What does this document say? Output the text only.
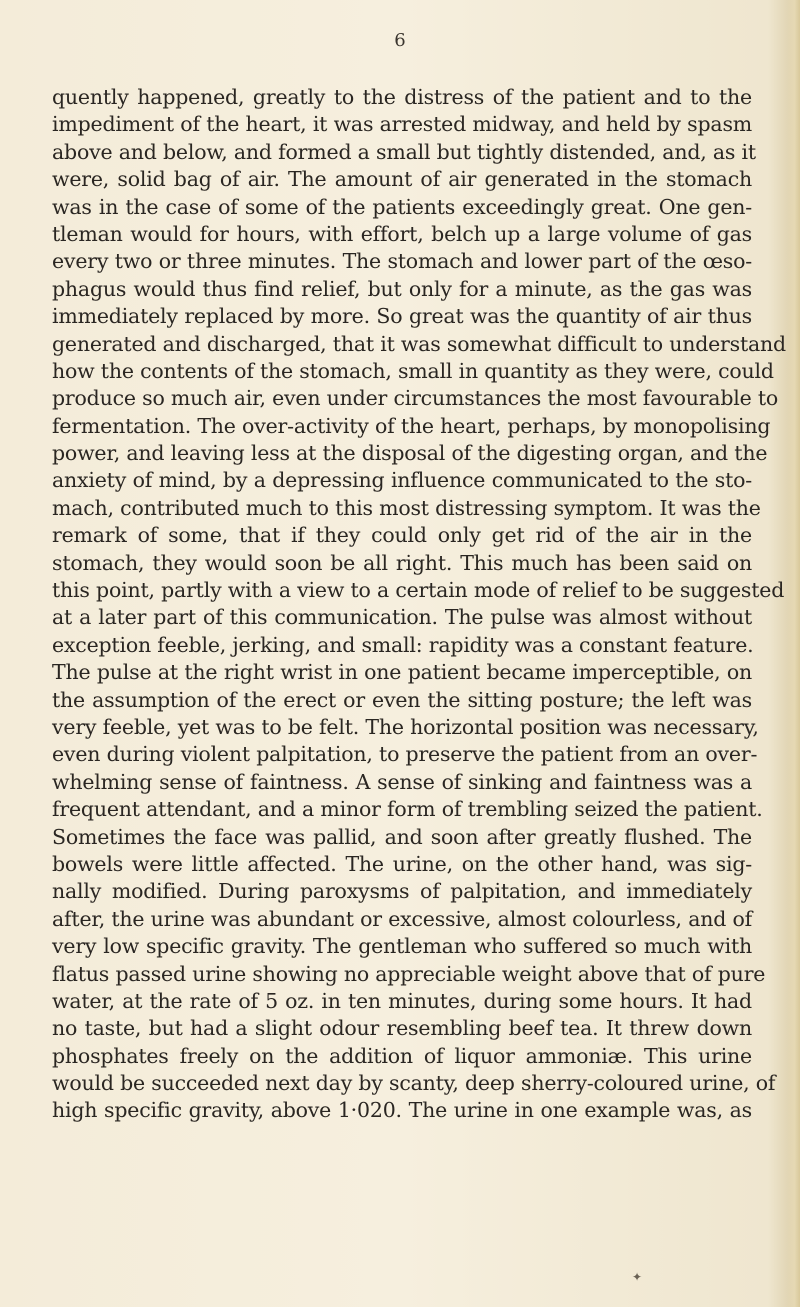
6
quently happened, greatly to the distress of the patient and to the
impediment of the heart, it was arrested midway, and held by spasm
above and below, and formed a small but tightly distended, and, as it
were, solid bag of air. The amount of air generated in the stomach
was in the case of some of the patients exceedingly great. One gen-
tleman would for hours, with effort, belch up a large volume of gas
every two or three minutes. The stomach and lower part of the œso-
phagus would thus find relief, but only for a minute, as the gas was
immediately replaced by more. So great was the quantity of air thus
generated and discharged, that it was somewhat difficult to understand
how the contents of the stomach, small in quantity as they were, could
produce so much air, even under circumstances the most favourable to
fermentation. The over-activity of the heart, perhaps, by monopolising
power, and leaving less at the disposal of the digesting organ, and the
anxiety of mind, by a depressing influence communicated to the sto-
mach, contributed much to this most distressing symptom. It was the
remark of some, that if they could only get rid of the air in the
stomach, they would soon be all right. This much has been said on
this point, partly with a view to a certain mode of relief to be suggested
at a later part of this communication. The pulse was almost without
exception feeble, jerking, and small: rapidity was a constant feature.
The pulse at the right wrist in one patient became imperceptible, on
the assumption of the erect or even the sitting posture; the left was
very feeble, yet was to be felt. The horizontal position was necessary,
even during violent palpitation, to preserve the patient from an over-
whelming sense of faintness. A sense of sinking and faintness was a
frequent attendant, and a minor form of trembling seized the patient.
Sometimes the face was pallid, and soon after greatly flushed. The
bowels were little affected. The urine, on the other hand, was sig-
nally modified. During paroxysms of palpitation, and immediately
after, the urine was abundant or excessive, almost colourless, and of
very low specific gravity. The gentleman who suffered so much with
flatus passed urine showing no appreciable weight above that of pure
water, at the rate of 5 oz. in ten minutes, during some hours. It had
no taste, but had a slight odour resembling beef tea. It threw down
phosphates freely on the addition of liquor ammoniæ. This urine
would be succeeded next day by scanty, deep sherry-coloured urine, of
high specific gravity, above 1·020. The urine in one example was, as
✦
